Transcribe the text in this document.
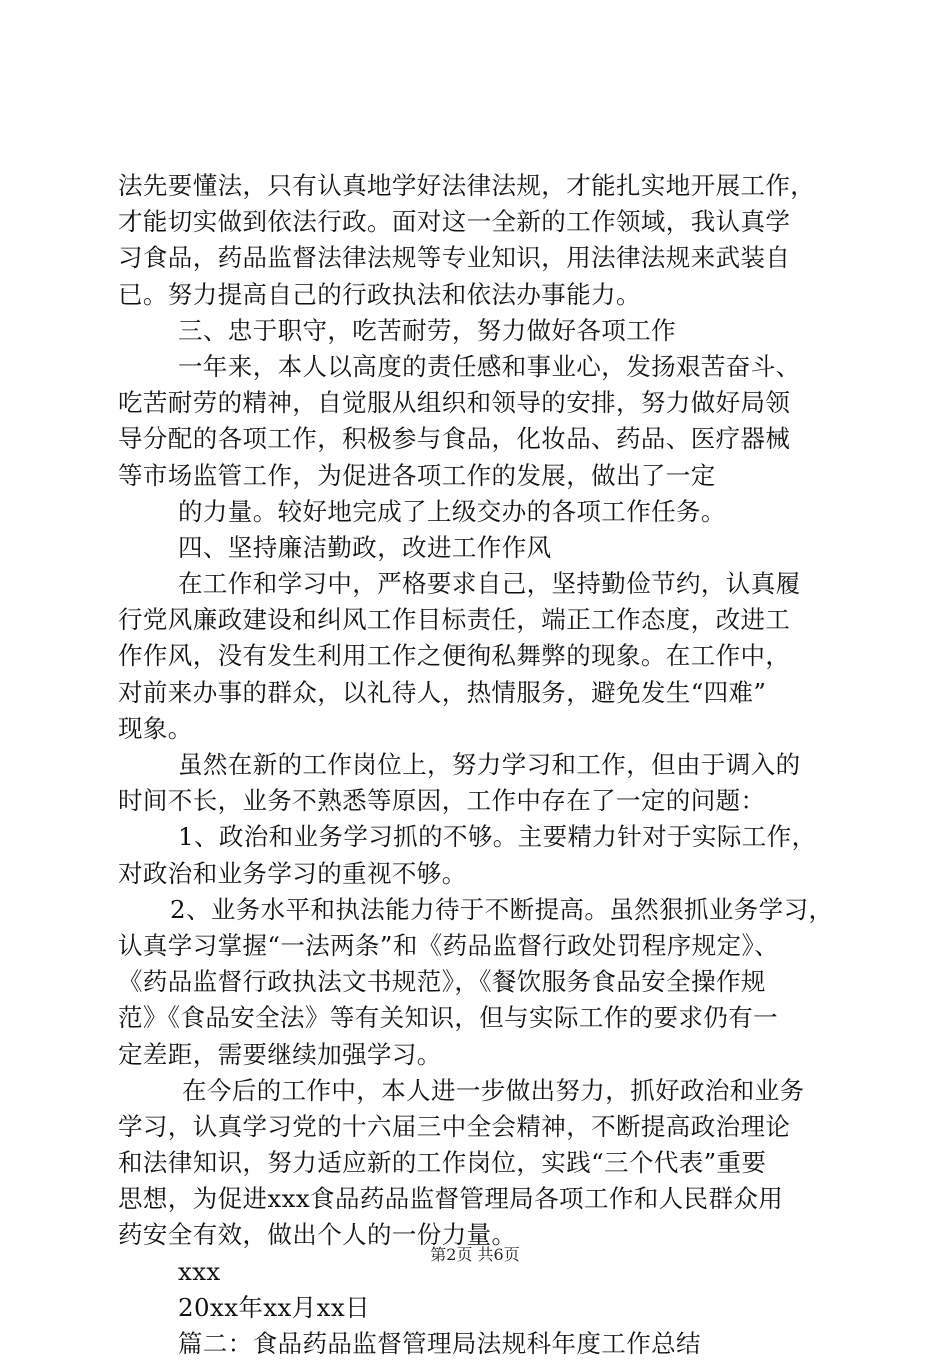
法先要懂法，只有认真地学好法律法规，才能扎实地开展工作，
才能切实做到依法行政。面对这一全新的工作领域，我认真学
习食品，药品监督法律法规等专业知识，用法律法规来武装自
已。努力提高自己的行政执法和依法办事能力。
三、忠于职守，吃苦耐劳，努力做好各项工作
一年来，本人以高度的责任感和事业心，发扬艰苦奋斗、
吃苦耐劳的精神，自觉服从组织和领导的安排，努力做好局领
导分配的各项工作，积极参与食品，化妆品、药品、医疗器械
等市场监管工作，为促进各项工作的发展，做出了一定
的力量。较好地完成了上级交办的各项工作任务。
四、坚持廉洁勤政，改进工作作风
在工作和学习中，严格要求自己，坚持勤俭节约，认真履
行党风廉政建设和纠风工作目标责任，端正工作态度，改进工
作作风，没有发生利用工作之便徇私舞弊的现象。在工作中，
对前来办事的群众，以礼待人，热情服务，避免发生“四难”
现象。
虽然在新的工作岗位上，努力学习和工作，但由于调入的
时间不长，业务不熟悉等原因，工作中存在了一定的问题：
1、政治和业务学习抓的不够。主要精力针对于实际工作，
对政治和业务学习的重视不够。
2、业务水平和执法能力待于不断提高。虽然狠抓业务学习，
认真学习掌握“一法两条”和《药品监督行政处罚程序规定》、
《药品监督行政执法文书规范》，《餐饮服务食品安全操作规
范》《食品安全法》等有关知识，但与实际工作的要求仍有一
定差距，需要继续加强学习。
在今后的工作中，本人进一步做出努力，抓好政治和业务
学习，认真学习党的十六届三中全会精神，不断提高政治理论
和法律知识，努力适应新的工作岗位，实践“三个代表”重要
思想，为促进xxx食品药品监督管理局各项工作和人民群众用
药安全有效，做出个人的一份力量。
xxx
20xx年xx月xx日
篇二：食品药品监督管理局法规科年度工作总结
第2页 共6页
